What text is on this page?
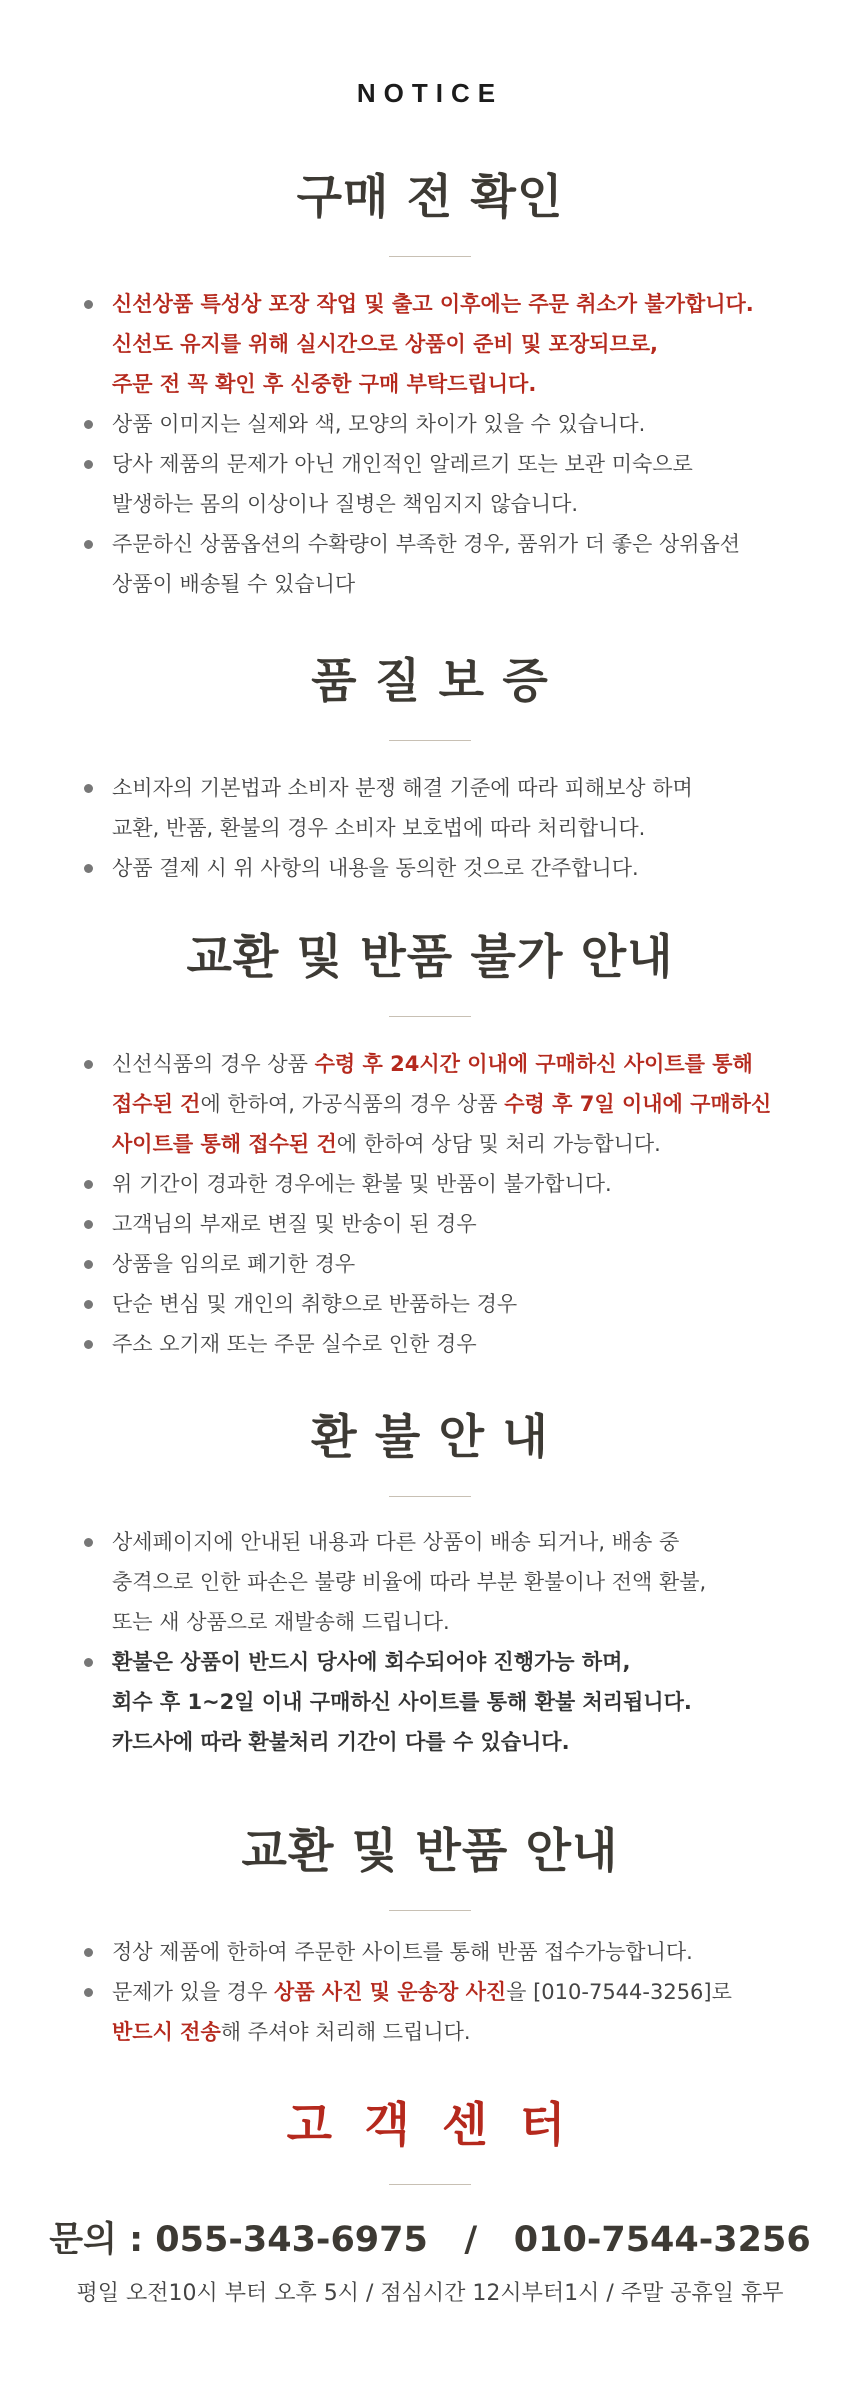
NOTICE
구매 전 확인
신선상품 특성상 포장 작업 및 출고 이후에는 주문 취소가 불가합니다.
신선도 유지를 위해 실시간으로 상품이 준비 및 포장되므로,
주문 전 꼭 확인 후 신중한 구매 부탁드립니다.
상품 이미지는 실제와 색, 모양의 차이가 있을 수 있습니다.
당사 제품의 문제가 아닌 개인적인 알레르기 또는 보관 미숙으로
발생하는 몸의 이상이나 질병은 책임지지 않습니다.
주문하신 상품옵션의 수확량이 부족한 경우, 품위가 더 좋은 상위옵션
상품이 배송될 수 있습니다
품 질 보 증
소비자의 기본법과 소비자 분쟁 해결 기준에 따라 피해보상 하며
교환, 반품, 환불의 경우 소비자 보호법에 따라 처리합니다.
상품 결제 시 위 사항의 내용을 동의한 것으로 간주합니다.
교환 및 반품 불가 안내
신선식품의 경우 상품 수령 후 24시간 이내에 구매하신 사이트를 통해
접수된 건에 한하여, 가공식품의 경우 상품 수령 후 7일 이내에 구매하신
사이트를 통해 접수된 건에 한하여 상담 및 처리 가능합니다.
위 기간이 경과한 경우에는 환불 및 반품이 불가합니다.
고객님의 부재로 변질 및 반송이 된 경우
상품을 임의로 폐기한 경우
단순 변심 및 개인의 취향으로 반품하는 경우
주소 오기재 또는 주문 실수로 인한 경우
환 불 안 내
상세페이지에 안내된 내용과 다른 상품이 배송 되거나, 배송 중
충격으로 인한 파손은 불량 비율에 따라 부분 환불이나 전액 환불,
또는 새 상품으로 재발송해 드립니다.
환불은 상품이 반드시 당사에 회수되어야 진행가능 하며,
회수 후 1~2일 이내 구매하신 사이트를 통해 환불 처리됩니다.
카드사에 따라 환불처리 기간이 다를 수 있습니다.
교환 및 반품 안내
정상 제품에 한하여 주문한 사이트를 통해 반품 접수가능합니다.
문제가 있을 경우 상품 사진 및 운송장 사진을 [010-7544-3256]로
반드시 전송해 주셔야 처리해 드립니다.
고 객 센 터
문의 : 055-343-6975   /   010-7544-3256
평일 오전10시 부터 오후 5시 / 점심시간 12시부터1시 / 주말 공휴일 휴무
